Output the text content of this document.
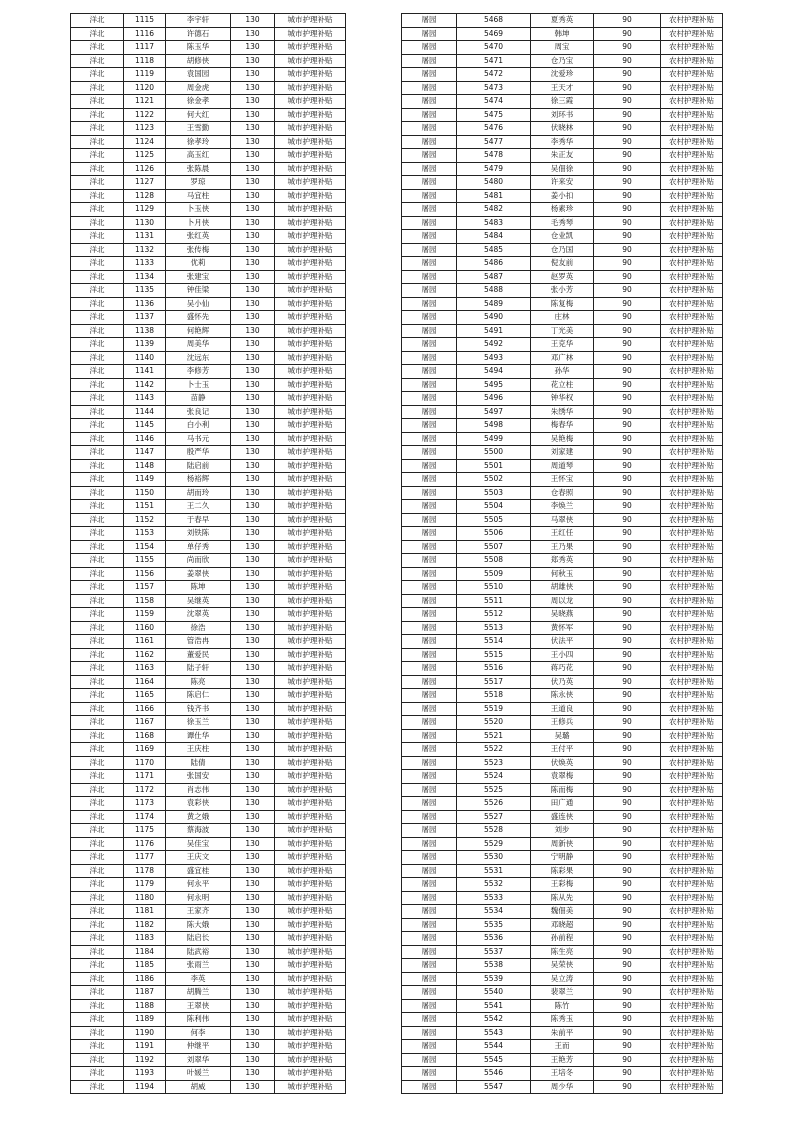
洋北	1115	李宇轩	130	城市护理补贴
洋北	1116	许德石	130	城市护理补贴
洋北	1117	陈玉华	130	城市护理补贴
洋北	1118	胡修侠	130	城市护理补贴
洋北	1119	袁国园	130	城市护理补贴
洋北	1120	周金虎	130	城市护理补贴
洋北	1121	徐金孝	130	城市护理补贴
洋北	1122	何大红	130	城市护理补贴
洋北	1123	王雪勤	130	城市护理补贴
洋北	1124	徐孝玲	130	城市护理补贴
洋北	1125	高玉红	130	城市护理补贴
洋北	1126	张陈晨	130	城市护理补贴
洋北	1127	罗琼	130	城市护理补贴
洋北	1128	马宜柱	130	城市护理补贴
洋北	1129	卜玉侠	130	城市护理补贴
洋北	1130	卜月侠	130	城市护理补贴
洋北	1131	张红英	130	城市护理补贴
洋北	1132	张传梅	130	城市护理补贴
洋北	1133	优莉	130	城市护理补贴
洋北	1134	张建宝	130	城市护理补贴
洋北	1135	钟佳梁	130	城市护理补贴
洋北	1136	吴小仙	130	城市护理补贴
洋北	1137	盛怀先	130	城市护理补贴
洋北	1138	何艳辉	130	城市护理补贴
洋北	1139	周美华	130	城市护理补贴
洋北	1140	沈远东	130	城市护理补贴
洋北	1141	李修芳	130	城市护理补贴
洋北	1142	卜士玉	130	城市护理补贴
洋北	1143	苗静	130	城市护理补贴
洋北	1144	张良记	130	城市护理补贴
洋北	1145	白小利	130	城市护理补贴
洋北	1146	马书元	130	城市护理补贴
洋北	1147	殷严华	130	城市护理补贴
洋北	1148	陆启前	130	城市护理补贴
洋北	1149	杨裕辉	130	城市护理补贴
洋北	1150	胡而玲	130	城市护理补贴
洋北	1151	王二久	130	城市护理补贴
洋北	1152	于春早	130	城市护理补贴
洋北	1153	刘铁陈	130	城市护理补贴
洋北	1154	单仔秀	130	城市护理补贴
洋北	1155	尚而欣	130	城市护理补贴
洋北	1156	姜翠侠	130	城市护理补贴
洋北	1157	陈坤	130	城市护理补贴
洋北	1158	吴继英	130	城市护理补贴
洋北	1159	沈翠英	130	城市护理补贴
洋北	1160	徐浩	130	城市护理补贴
洋北	1161	管浩冉	130	城市护理补贴
洋北	1162	董爱民	130	城市护理补贴
洋北	1163	陆子轩	130	城市护理补贴
洋北	1164	陈亮	130	城市护理补贴
洋北	1165	陈启仁	130	城市护理补贴
洋北	1166	钱齐书	130	城市护理补贴
洋北	1167	徐玉兰	130	城市护理补贴
洋北	1168	谭仕华	130	城市护理补贴
洋北	1169	王庆柱	130	城市护理补贴
洋北	1170	陆倩	130	城市护理补贴
洋北	1171	张国安	130	城市护理补贴
洋北	1172	肖志伟	130	城市护理补贴
洋北	1173	袁彩侠	130	城市护理补贴
洋北	1174	黄之娥	130	城市护理补贴
洋北	1175	蔡海波	130	城市护理补贴
洋北	1176	吴佳宝	130	城市护理补贴
洋北	1177	王庆文	130	城市护理补贴
洋北	1178	盛宜桂	130	城市护理补贴
洋北	1179	何永平	130	城市护理补贴
洋北	1180	何永明	130	城市护理补贴
洋北	1181	王家齐	130	城市护理补贴
洋北	1182	陈大娥	130	城市护理补贴
洋北	1183	陆启长	130	城市护理补贴
洋北	1184	陆武裕	130	城市护理补贴
洋北	1185	张雨兰	130	城市护理补贴
洋北	1186	李英	130	城市护理补贴
洋北	1187	胡腾兰	130	城市护理补贴
洋北	1188	王翠侠	130	城市护理补贴
洋北	1189	陈利伟	130	城市护理补贴
洋北	1190	何李	130	城市护理补贴
洋北	1191	仲继平	130	城市护理补贴
洋北	1192	刘翠华	130	城市护理补贴
洋北	1193	叶媛兰	130	城市护理补贴
洋北	1194	胡威	130	城市护理补贴
屠园	5468	夏秀英	90	农村护理补贴
屠园	5469	韩坤	90	农村护理补贴
屠园	5470	周宝	90	农村护理补贴
屠园	5471	仓乃宝	90	农村护理补贴
屠园	5472	沈爱珍	90	农村护理补贴
屠园	5473	王天才	90	农村护理补贴
屠园	5474	徐三霞	90	农村护理补贴
屠园	5475	刘环书	90	农村护理补贴
屠园	5476	伏晓林	90	农村护理补贴
屠园	5477	李秀华	90	农村护理补贴
屠园	5478	朱正友	90	农村护理补贴
屠园	5479	吴佃徐	90	农村护理补贴
屠园	5480	许来安	90	农村护理补贴
屠园	5481	姜小扣	90	农村护理补贴
屠园	5482	杨素珍	90	农村护理补贴
屠园	5483	毛秀琴	90	农村护理补贴
屠园	5484	仓业凯	90	农村护理补贴
屠园	5485	仓乃国	90	农村护理补贴
屠园	5486	倪友前	90	农村护理补贴
屠园	5487	赵罗英	90	农村护理补贴
屠园	5488	张小芳	90	农村护理补贴
屠园	5489	陈复梅	90	农村护理补贴
屠园	5490	庄林	90	农村护理补贴
屠园	5491	丁光美	90	农村护理补贴
屠园	5492	王克华	90	农村护理补贴
屠园	5493	邓广林	90	农村护理补贴
屠园	5494	孙华	90	农村护理补贴
屠园	5495	花立柱	90	农村护理补贴
屠园	5496	钟华权	90	农村护理补贴
屠园	5497	朱绣华	90	农村护理补贴
屠园	5498	梅春华	90	农村护理补贴
屠园	5499	吴艳梅	90	农村护理补贴
屠园	5500	刘家建	90	农村护理补贴
屠园	5501	周道琴	90	农村护理补贴
屠园	5502	王怀宝	90	农村护理补贴
屠园	5503	仓春照	90	农村护理补贴
屠园	5504	李焕兰	90	农村护理补贴
屠园	5505	马翠侠	90	农村护理补贴
屠园	5506	王红任	90	农村护理补贴
屠园	5507	王乃果	90	农村护理补贴
屠园	5508	郑秀英	90	农村护理补贴
屠园	5509	何秋玉	90	农村护理补贴
屠园	5510	胡雄侠	90	农村护理补贴
屠园	5511	周以龙	90	农村护理补贴
屠园	5512	吴晓燕	90	农村护理补贴
屠园	5513	黄怀军	90	农村护理补贴
屠园	5514	伏法平	90	农村护理补贴
屠园	5515	王小四	90	农村护理补贴
屠园	5516	蒋巧花	90	农村护理补贴
屠园	5517	伏乃英	90	农村护理补贴
屠园	5518	陈永侠	90	农村护理补贴
屠园	5519	王道良	90	农村护理补贴
屠园	5520	王修兵	90	农村护理补贴
屠园	5521	吴璐	90	农村护理补贴
屠园	5522	王付平	90	农村护理补贴
屠园	5523	伏焕英	90	农村护理补贴
屠园	5524	袁翠梅	90	农村护理补贴
屠园	5525	陈而梅	90	农村护理补贴
屠园	5526	田广通	90	农村护理补贴
屠园	5527	盛连侠	90	农村护理补贴
屠园	5528	刘步	90	农村护理补贴
屠园	5529	周新侠	90	农村护理补贴
屠园	5530	宁明静	90	农村护理补贴
屠园	5531	陈彩果	90	农村护理补贴
屠园	5532	王彩梅	90	农村护理补贴
屠园	5533	陈从先	90	农村护理补贴
屠园	5534	魏佃美	90	农村护理补贴
屠园	5535	邓晓超	90	农村护理补贴
屠园	5536	孙前程	90	农村护理补贴
屠园	5537	陈生亮	90	农村护理补贴
屠园	5538	吴荣侠	90	农村护理补贴
屠园	5539	吴立涛	90	农村护理补贴
屠园	5540	裴翠兰	90	农村护理补贴
屠园	5541	陈竹	90	农村护理补贴
屠园	5542	陈秀玉	90	农村护理补贴
屠园	5543	朱前平	90	农村护理补贴
屠园	5544	王而	90	农村护理补贴
屠园	5545	王艳芳	90	农村护理补贴
屠园	5546	王培冬	90	农村护理补贴
屠园	5547	周少华	90	农村护理补贴
